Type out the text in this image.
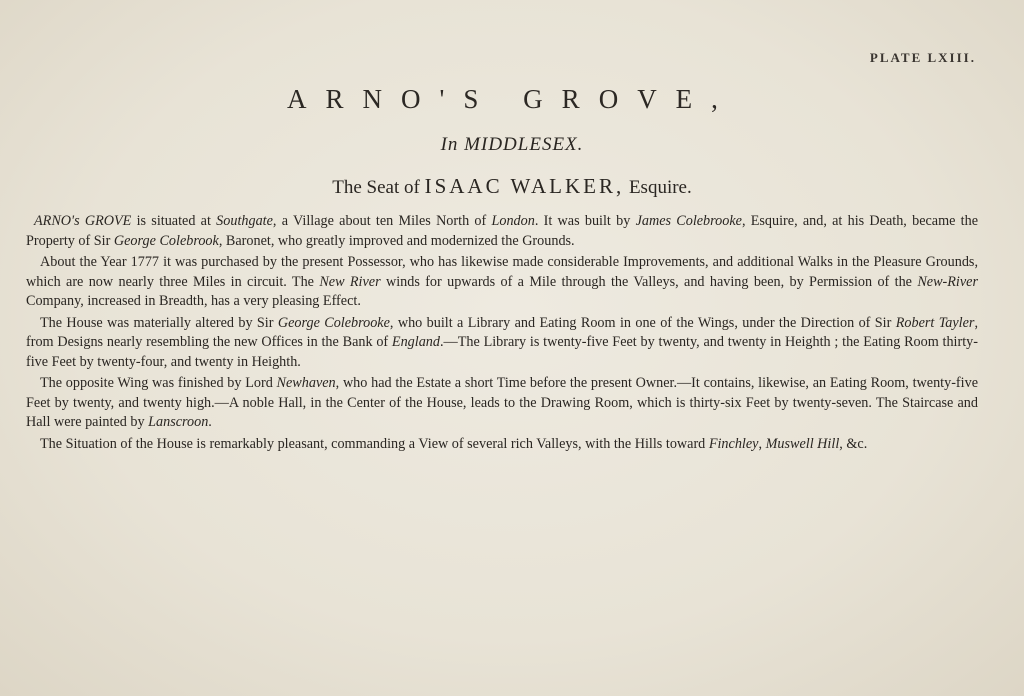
PLATE LXIII.
ARNO'S GROVE,
In MIDDLESEX.
The Seat of ISAAC WALKER, Esquire.

ARNO's GROVE is situated at Southgate, a Village about ten Miles North of London. It was built by James Colebrooke, Esquire, and, at his Death, became the Property of Sir George Colebrook, Baronet, who greatly improved and modernized the Grounds.

About the Year 1777 it was purchased by the present Possessor, who has likewise made considerable Improvements, and additional Walks in the Pleasure Grounds, which are now nearly three Miles in circuit. The New River winds for upwards of a Mile through the Valleys, and having been, by Permission of the New-River Company, increased in Breadth, has a very pleasing Effect.

The House was materially altered by Sir George Colebrooke, who built a Library and Eating Room in one of the Wings, under the Direction of Sir Robert Tayler, from Designs nearly resembling the new Offices in the Bank of England.—The Library is twenty-five Feet by twenty, and twenty in Heighth ; the Eating Room thirty-five Feet by twenty-four, and twenty in Heighth.

The opposite Wing was finished by Lord Newhaven, who had the Estate a short Time before the present Owner.—It contains, likewise, an Eating Room, twenty-five Feet by twenty, and twenty high.—A noble Hall, in the Center of the House, leads to the Drawing Room, which is thirty-six Feet by twenty-seven. The Staircase and Hall were painted by Lanscroon.

The Situation of the House is remarkably pleasant, commanding a View of several rich Valleys, with the Hills toward Finchley, Muswell Hill, &c.
